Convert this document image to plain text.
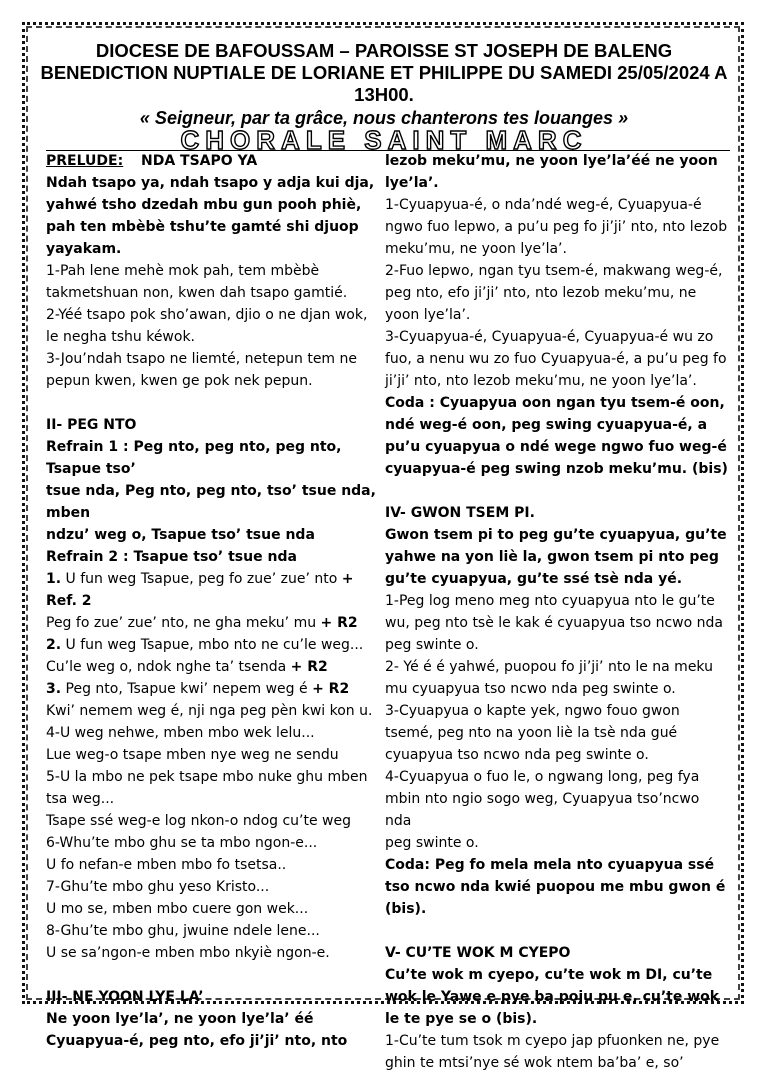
DIOCESE DE BAFOUSSAM – PAROISSE ST JOSEPH DE BALENG
BENEDICTION NUPTIALE DE LORIANE ET PHILIPPE DU SAMEDI 25/05/2024 A
13H00.
« Seigneur, par ta grâce, nous chanterons tes louanges »
CHORALE SAINT MARC

PRELUDE: NDA TSAPO YA

Ndah tsapo ya, ndah tsapo y adja kui dja,

yahwé tsho dzedah mbu gun pooh phiè,

pah ten mbèbè tshu’te gamté shi djuop

yayakam.

1-Pah lene mehè mok pah, tem mbèbè

takmetshuan non, kwen dah tsapo gamtié.

2-Yéé tsapo pok sho’awan, djio o ne djan wok,

le negha tshu kéwok.

3-Jou’ndah tsapo ne liemté, netepun tem ne

pepun kwen, kwen ge pok nek pepun.

II- PEG NTO

Refrain 1 : Peg nto, peg nto, peg nto,

Tsapue tso’

tsue nda, Peg nto, peg nto, tso’ tsue nda,

mben

ndzu’ weg o, Tsapue tso’ tsue nda

Refrain 2 : Tsapue tso’ tsue nda

1. U fun weg Tsapue, peg fo zue’ zue’ nto +

Ref. 2

Peg fo zue’ zue’ nto, ne gha meku’ mu + R2

2. U fun weg Tsapue, mbo nto ne cu’le weg...

Cu’le weg o, ndok nghe ta’ tsenda + R2

3. Peg nto, Tsapue kwi’ nepem weg é + R2

Kwi’ nemem weg é, nji nga peg pèn kwi kon u.

4-U weg nehwe, mben mbo wek lelu...

Lue weg-o tsape mben nye weg ne sendu

5-U la mbo ne pek tsape mbo nuke ghu mben

tsa weg...

Tsape ssé weg-e log nkon-o ndog cu’te weg

6-Whu’te mbo ghu se ta mbo ngon-e...

U fo nefan-e mben mbo fo tsetsa..

7-Ghu’te mbo ghu yeso Kristo...

U mo se, mben mbo cuere gon wek...

8-Ghu’te mbo ghu, jwuine ndele lene...

U se sa’ngon-e mben mbo nkyiè ngon-e.

III- NE YOON LYE LA’

Ne yoon lye’la’, ne yoon lye’la’ éé

Cyuapyua-é, peg nto, efo ji’ji’ nto, nto

lezob meku’mu, ne yoon lye’la’éé ne yoon

lye’la’.

1-Cyuapyua-é, o nda’ndé weg-é, Cyuapyua-é

ngwo fuo lepwo, a pu’u peg fo ji’ji’ nto, nto lezob

meku’mu, ne yoon lye’la’.

2-Fuo lepwo, ngan tyu tsem-é, makwang weg-é,

peg nto, efo ji’ji’ nto, nto lezob meku’mu, ne

yoon lye’la’.

3-Cyuapyua-é, Cyuapyua-é, Cyuapyua-é wu zo

fuo, a nenu wu zo fuo Cyuapyua-é, a pu’u peg fo

ji’ji’ nto, nto lezob meku’mu, ne yoon lye’la’.

Coda : Cyuapyua oon ngan tyu tsem-é oon,

ndé weg-é oon, peg swing cyuapyua-é, a

pu’u cyuapyua o ndé wege ngwo fuo weg-é

cyuapyua-é peg swing nzob meku’mu. (bis)

IV- GWON TSEM PI.

Gwon tsem pi to peg gu’te cyuapyua, gu’te

yahwe na yon liè la, gwon tsem pi nto peg

gu’te cyuapyua, gu’te ssé tsè nda yé.

1-Peg log meno meg nto cyuapyua nto le gu’te

wu, peg nto tsè le kak é cyuapyua tso ncwo nda

peg swinte o.

2- Yé é é yahwé, puopou fo ji’ji’ nto le na meku

mu cyuapyua tso ncwo nda peg swinte o.

3-Cyuapyua o kapte yek, ngwo fouo gwon

tsemé, peg nto na yoon liè la tsè nda gué

cyuapyua tso ncwo nda peg swinte o.

4-Cyuapyua o fuo le, o ngwang long, peg fya

mbin nto ngio sogo weg, Cyuapyua tso’ncwo nda

peg swinte o.

Coda: Peg fo mela mela nto cyuapyua ssé

tso ncwo nda kwié puopou me mbu gwon é

(bis).

V- CU’TE WOK M CYEPO

Cu’te wok m cyepo, cu’te wok m DI, cu’te

wok le Yawe e pye ba poju pu e, cu’te wok

le te pye se o (bis).

1-Cu’te tum tsok m cyepo jap pfuonken ne, pye

ghin te mtsi’nye sé wok ntem ba’ba’ e, so’
